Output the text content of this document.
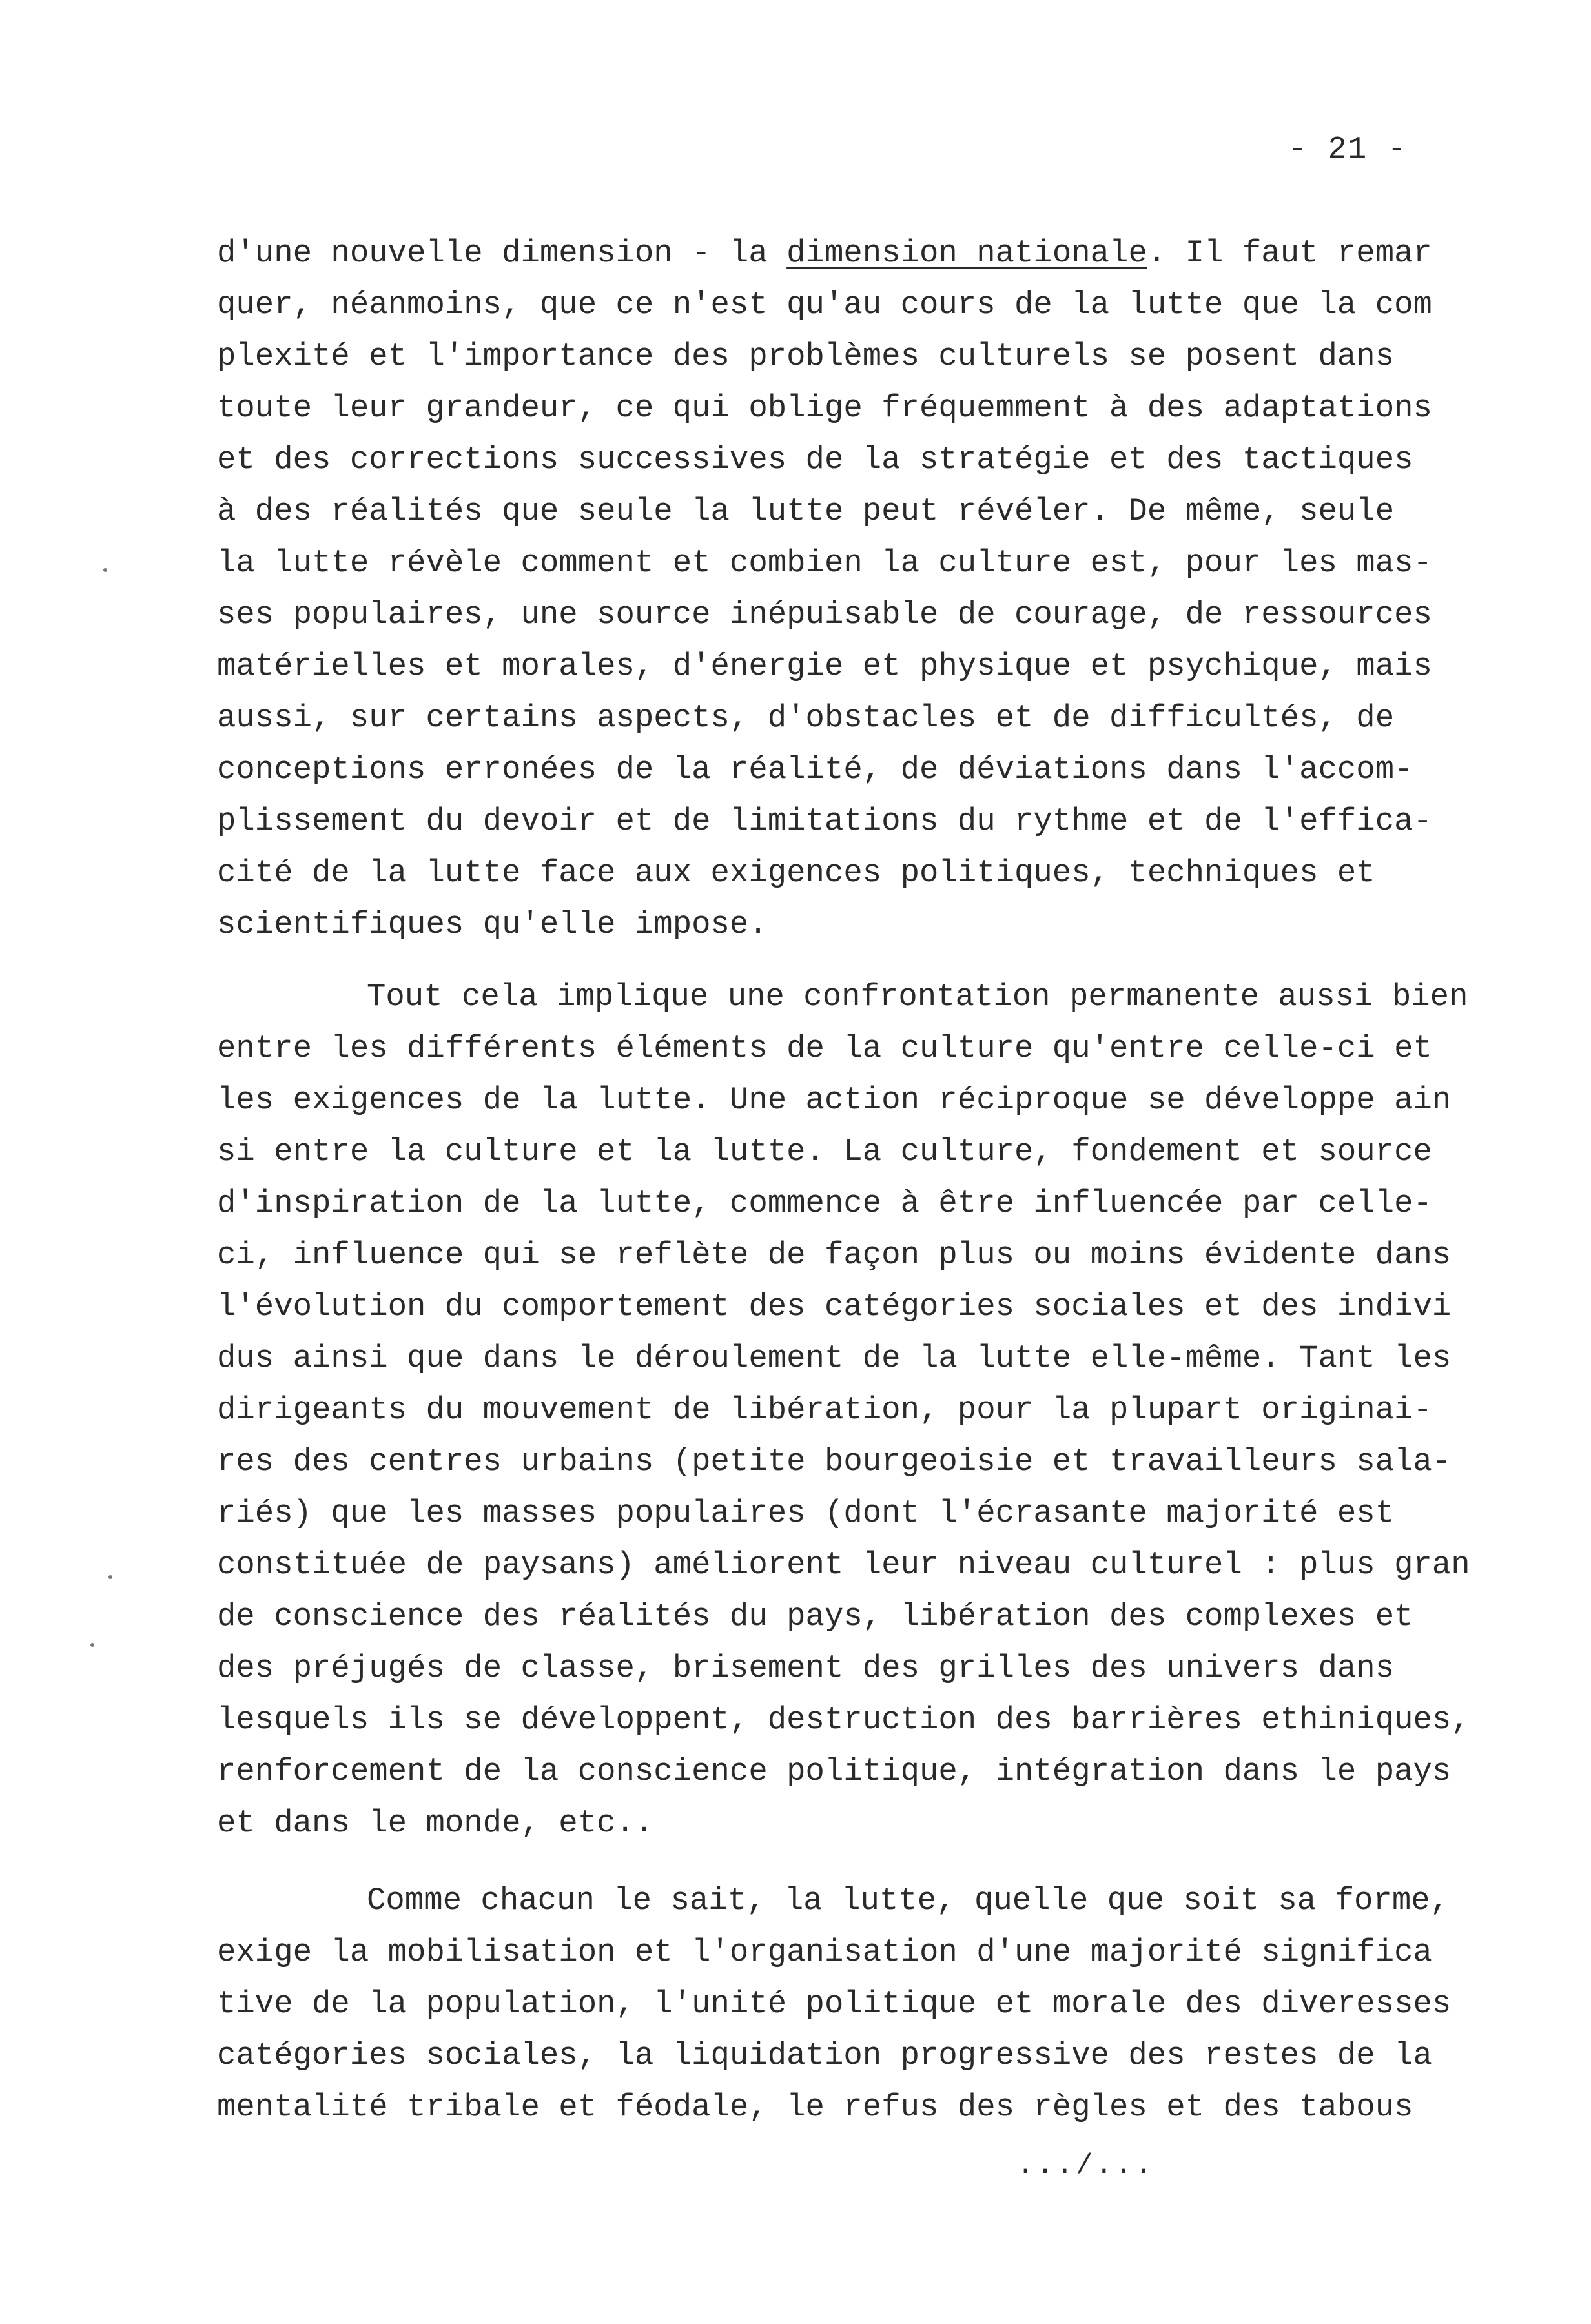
- 21 -
d'une nouvelle dimension - la dimension nationale. Il faut remar
quer, néanmoins, que ce n'est qu'au cours de la lutte que la com
plexité et l'importance des problèmes culturels se posent dans
toute leur grandeur, ce qui oblige fréquemment à des adaptations
et des corrections successives de la stratégie et des tactiques
à des réalités que seule la lutte peut révéler. De même, seule
la lutte révèle comment et combien la culture est, pour les mas-
ses populaires, une source inépuisable de courage, de ressources
matérielles et morales, d'énergie et physique et psychique, mais
aussi, sur certains aspects, d'obstacles et de difficultés, de
conceptions erronées de la réalité, de déviations dans l'accom-
plissement du devoir et de limitations du rythme et de l'effica-
cité de la lutte face aux exigences politiques, techniques et
scientifiques qu'elle impose.
Tout cela implique une confrontation permanente aussi bien
entre les différents éléments de la culture qu'entre celle-ci et
les exigences de la lutte. Une action réciproque se développe ain
si entre la culture et la lutte. La culture, fondement et source
d'inspiration de la lutte, commence à être influencée par celle-
ci, influence qui se reflète de façon plus ou moins évidente dans
l'évolution du comportement des catégories sociales et des indivi
dus ainsi que dans le déroulement de la lutte elle-même. Tant les
dirigeants du mouvement de libération, pour la plupart originai-
res des centres urbains (petite bourgeoisie et travailleurs sala-
riés) que les masses populaires (dont l'écrasante majorité est
constituée de paysans) améliorent leur niveau culturel : plus gran
de conscience des réalités du pays, libération des complexes et
des préjugés de classe, brisement des grilles des univers dans
lesquels ils se développent, destruction des barrières ethiniques,
renforcement de la conscience politique, intégration dans le pays
et dans le monde, etc..
Comme chacun le sait, la lutte, quelle que soit sa forme,
exige la mobilisation et l'organisation d'une majorité significa
tive de la population, l'unité politique et morale des diveresses
catégories sociales, la liquidation progressive des restes de la
mentalité tribale et féodale, le refus des règles et des tabous
.../...
